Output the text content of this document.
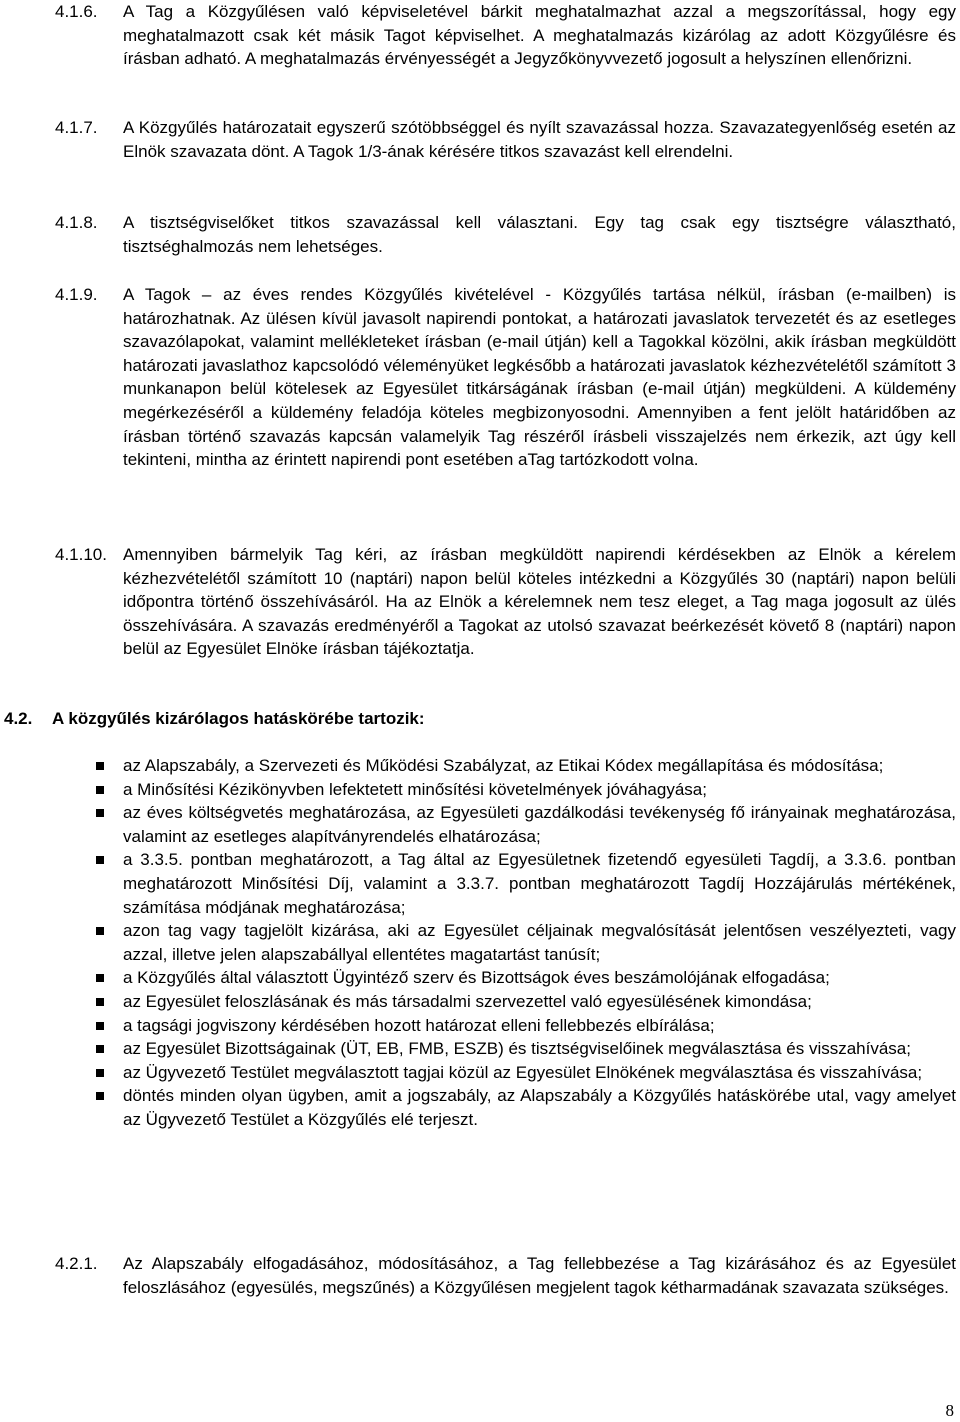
4.1.6. A Tag a Közgyűlésen való képviseletével bárkit meghatalmazhat azzal a megszorítással, hogy egy meghatalmazott csak két másik Tagot képviselhet. A meghatalmazás kizárólag az adott Közgyűlésre és írásban adható. A meghatalmazás érvényességét a Jegyzőkönyvvezető jogosult a helyszínen ellenőrizni.
4.1.7. A Közgyűlés határozatait egyszerű szótöbbséggel és nyílt szavazással hozza. Szavazategyenlőség esetén az Elnök szavazata dönt. A Tagok 1/3-ának kérésére titkos szavazást kell elrendelni.
4.1.8. A tisztségviselőket titkos szavazással kell választani. Egy tag csak egy tisztségre választható, tisztséghalmozás nem lehetséges.
4.1.9. A Tagok – az éves rendes Közgyűlés kivételével - Közgyűlés tartása nélkül, írásban (e-mailben) is határozhatnak. Az ülésen kívül javasolt napirendi pontokat, a határozati javaslatok tervezetét és az esetleges szavazólapokat, valamint mellékleteket írásban (e-mail útján) kell a Tagokkal közölni, akik írásban megküldött határozati javaslathoz kapcsolódó véleményüket legkésőbb a határozati javaslatok kézhezvételétől számított 3 munkanapon belül kötelesek az Egyesület titkárságának írásban (e-mail útján) megküldeni. A küldemény megérkezéséről a küldemény feladója köteles megbizonyosodni. Amennyiben a fent jelölt határidőben az írásban történő szavazás kapcsán valamelyik Tag részéről írásbeli visszajelzés nem érkezik, azt úgy kell tekinteni, mintha az érintett napirendi pont esetében aTag tartózkodott volna.
4.1.10. Amennyiben bármelyik Tag kéri, az írásban megküldött napirendi kérdésekben az Elnök a kérelem kézhezvételétől számított 10 (naptári) napon belül köteles intézkedni a Közgyűlés 30 (naptári) napon belüli időpontra történő összehívásáról. Ha az Elnök a kérelemnek nem tesz eleget, a Tag maga jogosult az ülés összehívására. A szavazás eredményéről a Tagokat az utolsó szavazat beérkezését követő 8 (naptári) napon belül az Egyesület Elnöke írásban tájékoztatja.
4.2. A közgyűlés kizárólagos hatáskörébe tartozik:
az Alapszabály, a Szervezeti és Működési Szabályzat, az Etikai Kódex megállapítása és módosítása;
a Minősítési Kézikönyvben lefektetett minősítési követelmények jóváhagyása;
az éves költségvetés meghatározása, az Egyesületi gazdálkodási tevékenység fő irányainak meghatározása, valamint az esetleges alapítványrendelés elhatározása;
a 3.3.5. pontban meghatározott, a Tag által az Egyesületnek fizetendő egyesületi Tagdíj, a 3.3.6. pontban meghatározott Minősítési Díj, valamint a 3.3.7. pontban meghatározott Tagdíj Hozzájárulás mértékének, számítása módjának meghatározása;
azon tag vagy tagjelölt kizárása, aki az Egyesület céljainak megvalósítását jelentősen veszélyezteti, vagy azzal, illetve jelen alapszabállyal ellentétes magatartást tanúsít;
a Közgyűlés által választott Ügyintéző szerv és Bizottságok éves beszámolójának elfogadása;
az Egyesület feloszlásának és más társadalmi szervezettel való egyesülésének kimondása;
a tagsági jogviszony kérdésében hozott határozat elleni fellebbezés elbírálása;
az Egyesület Bizottságainak (ÜT, EB, FMB, ESZB) és tisztségviselőinek megválasztása és visszahívása;
az Ügyvezető Testület megválasztott tagjai közül az Egyesület Elnökének megválasztása és visszahívása;
döntés minden olyan ügyben, amit a jogszabály, az Alapszabály a Közgyűlés hatáskörébe utal, vagy amelyet az Ügyvezető Testület a Közgyűlés elé terjeszt.
4.2.1. Az Alapszabály elfogadásához, módosításához, a Tag fellebbezése a Tag kizárásához és az Egyesület feloszlásához (egyesülés, megszűnés) a Közgyűlésen megjelent tagok kétharmadának szavazata szükséges.
8
